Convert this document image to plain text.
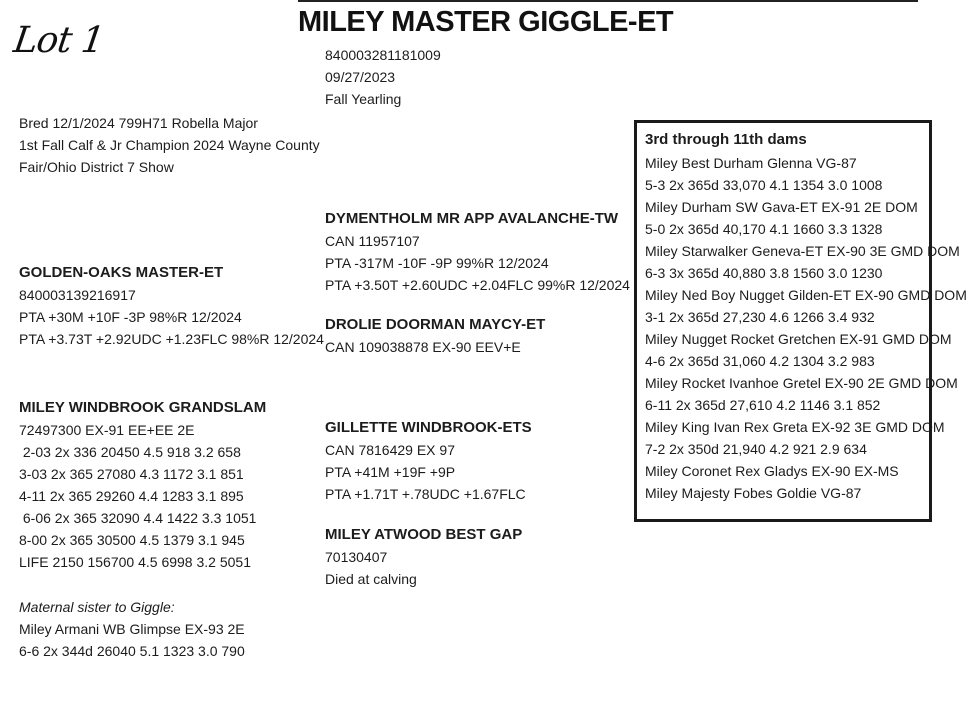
Lot 1	MILEY MASTER GIGGLE-ET
840003281181009
09/27/2023
Fall Yearling
Bred 12/1/2024 799H71 Robella Major
1st Fall Calf & Jr Champion 2024 Wayne County
Fair/Ohio District 7 Show
GOLDEN-OAKS MASTER-ET
840003139216917
PTA +30M +10F -3P 98%R 12/2024
PTA +3.73T +2.92UDC +1.23FLC 98%R 12/2024
MILEY WINDBROOK GRANDSLAM
72497300 EX-91 EE+EE 2E
2-03 2x 336 20450 4.5 918 3.2 658
3-03 2x 365 27080 4.3 1172 3.1 851
4-11 2x 365 29260 4.4 1283 3.1 895
6-06 2x 365 32090 4.4 1422 3.3 1051
8-00 2x 365 30500 4.5 1379 3.1 945
LIFE 2150 156700 4.5 6998 3.2 5051
Maternal sister to Giggle:
Miley Armani WB Glimpse EX-93 2E
6-6 2x 344d 26040 5.1 1323 3.0 790
DYMENTHOLM MR APP AVALANCHE-TW
CAN 11957107
PTA -317M -10F -9P 99%R 12/2024
PTA +3.50T +2.60UDC +2.04FLC 99%R 12/2024
DROLIE DOORMAN MAYCY-ET
CAN 109038878 EX-90 EEV+E
GILLETTE WINDBROOK-ETS
CAN 7816429 EX 97
PTA +41M +19F +9P
PTA +1.71T +.78UDC +1.67FLC
MILEY ATWOOD BEST GAP
70130407
Died at calving
3rd through 11th dams
Miley Best Durham Glenna VG-87
5-3 2x 365d 33,070 4.1 1354 3.0 1008
Miley Durham SW Gava-ET EX-91 2E DOM
5-0 2x 365d 40,170 4.1 1660 3.3 1328
Miley Starwalker Geneva-ET EX-90 3E GMD DOM
6-3 3x 365d 40,880 3.8 1560 3.0 1230
Miley Ned Boy Nugget Gilden-ET EX-90 GMD DOM
3-1 2x 365d 27,230 4.6 1266 3.4 932
Miley Nugget Rocket Gretchen EX-91 GMD DOM
4-6 2x 365d 31,060 4.2 1304 3.2 983
Miley Rocket Ivanhoe Gretel EX-90 2E GMD DOM
6-11 2x 365d 27,610 4.2 1146 3.1 852
Miley King Ivan Rex Greta EX-92 3E GMD DOM
7-2 2x 350d 21,940 4.2 921 2.9 634
Miley Coronet Rex Gladys EX-90 EX-MS
Miley Majesty Fobes Goldie VG-87
